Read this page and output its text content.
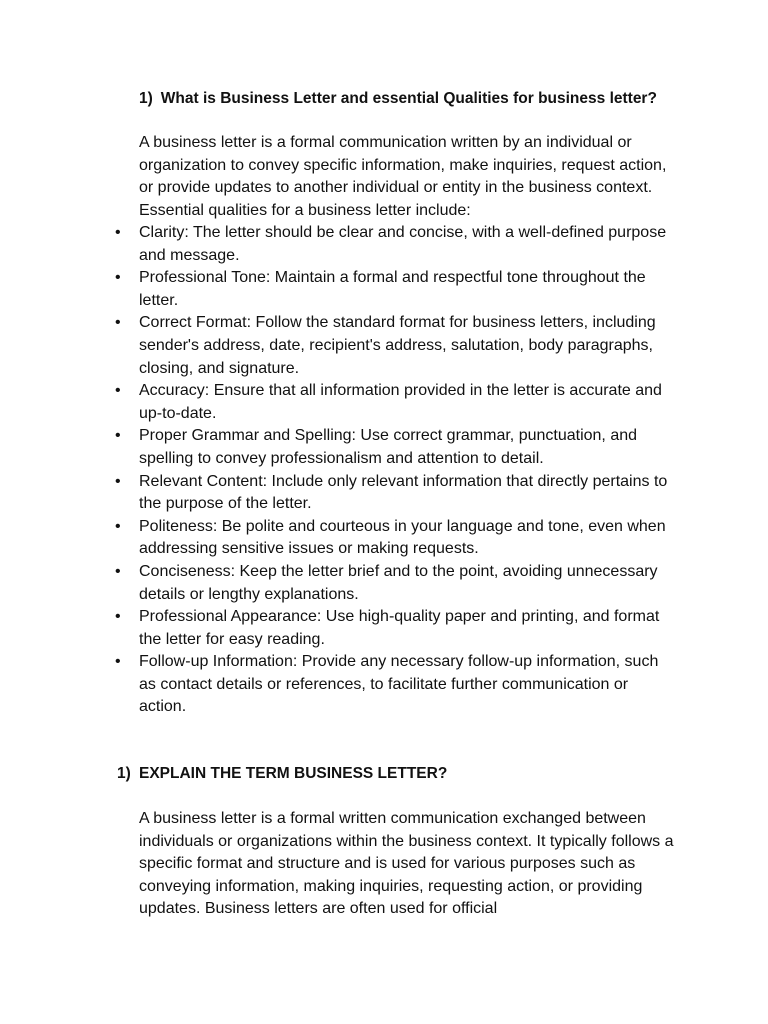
1) What is Business Letter and essential Qualities for business letter?

A business letter is a formal communication written by an individual or organization to convey specific information, make inquiries, request action, or provide updates to another individual or entity in the business context. Essential qualities for a business letter include:

• Clarity: The letter should be clear and concise, with a well-defined purpose and message.
• Professional Tone: Maintain a formal and respectful tone throughout the letter.
• Correct Format: Follow the standard format for business letters, including sender's address, date, recipient's address, salutation, body paragraphs, closing, and signature.
• Accuracy: Ensure that all information provided in the letter is accurate and up-to-date.
• Proper Grammar and Spelling: Use correct grammar, punctuation, and spelling to convey professionalism and attention to detail.
• Relevant Content: Include only relevant information that directly pertains to the purpose of the letter.
• Politeness: Be polite and courteous in your language and tone, even when addressing sensitive issues or making requests.
• Conciseness: Keep the letter brief and to the point, avoiding unnecessary details or lengthy explanations.
• Professional Appearance: Use high-quality paper and printing, and format the letter for easy reading.
• Follow-up Information: Provide any necessary follow-up information, such as contact details or references, to facilitate further communication or action.
1) EXPLAIN THE TERM BUSINESS LETTER?

A business letter is a formal written communication exchanged between individuals or organizations within the business context. It typically follows a specific format and structure and is used for various purposes such as conveying information, making inquiries, requesting action, or providing updates. Business letters are often used for official
